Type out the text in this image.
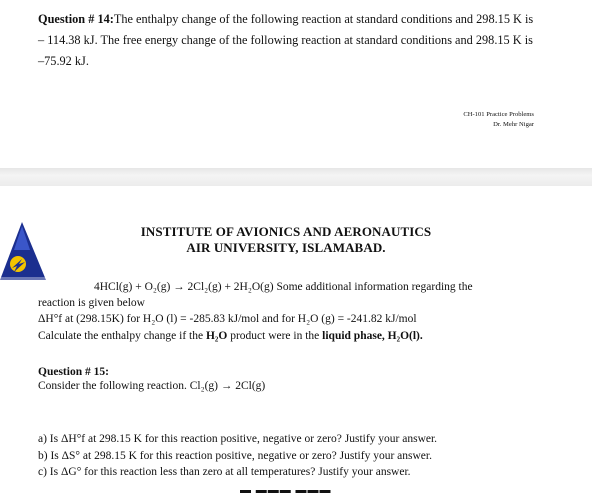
Question # 14:The enthalpy change of the following reaction at standard conditions and 298.15 K is – 114.38 kJ. The free energy change of the following reaction at standard conditions and 298.15 K is –75.92 kJ.
CH-101 Practice Problems
Dr. Mehr Nigar
INSTITUTE OF AVIONICS AND AERONAUTICS
AIR UNIVERSITY, ISLAMABAD.
4HCl(g) + O₂(g) → 2Cl₂(g) + 2H₂O(g) Some additional information regarding the
reaction is given below
ΔH°f at (298.15K) for H₂O (l) = -285.83 kJ/mol and for H₂O (g) = -241.82 kJ/mol
Calculate the enthalpy change if the H₂O product were in the liquid phase, H₂O(l).
Question # 15:
Consider the following reaction. Cl₂(g) → 2Cl(g)
a) Is ΔH°f at 298.15 K for this reaction positive, negative or zero? Justify your answer.
b) Is ΔS° at 298.15 K for this reaction positive, negative or zero? Justify your answer.
c) Is ΔG° for this reaction less than zero at all temperatures? Justify your answer.
▬ ▬▬▬ ▬▬▬
